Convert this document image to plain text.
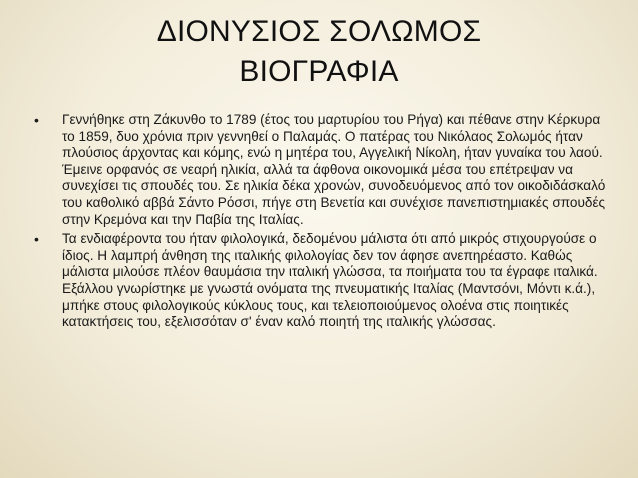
ΔΙΟΝΥΣΙΟΣ ΣΟΛΩΜΟΣ
ΒΙΟΓΡΑΦΙΑ
• Γεννήθηκε στη Ζάκυνθο το 1789 (έτος του μαρτυρίου του Ρήγα) και πέθανε στην Κέρκυρα το 1859, δυο χρόνια πριν γεννηθεί ο Παλαμάς. Ο πατέρας του Νικόλαος Σολωμός ήταν πλούσιος άρχοντας και κόμης, ενώ η μητέρα του, Αγγελική Νίκολη, ήταν γυναίκα του λαού. Έμεινε ορφανός σε νεαρή ηλικία, αλλά τα άφθονα οικονομικά μέσα του επέτρεψαν να συνεχίσει τις σπουδές του. Σε ηλικία δέκα χρονών, συνοδευόμενος από τον οικοδιδάσκαλό του καθολικό αββά Σάντο Ρόσσι, πήγε στη Βενετία και συνέχισε πανεπιστημιακές σπουδές στην Κρεμόνα και την Παβία της Ιταλίας.
• Τα ενδιαφέροντα του ήταν φιλολογικά, δεδομένου μάλιστα ότι από μικρός στιχουργούσε ο ίδιος. Η λαμπρή άνθηση της ιταλικής φιλολογίας δεν τον άφησε ανεπηρέαστο. Καθώς μάλιστα μιλούσε πλέον θαυμάσια την ιταλική γλώσσα, τα ποιήματα του τα έγραφε ιταλικά. Εξάλλου γνωρίστηκε με γνωστά ονόματα της πνευματικής Ιταλίας (Μαντσόνι, Μόντι κ.ά.), μπήκε στους φιλολογικούς κύκλους τους, και τελειοποιούμενος ολοένα στις ποιητικές κατακτήσεις του, εξελισσόταν σ' έναν καλό ποιητή της ιταλικής γλώσσας.
